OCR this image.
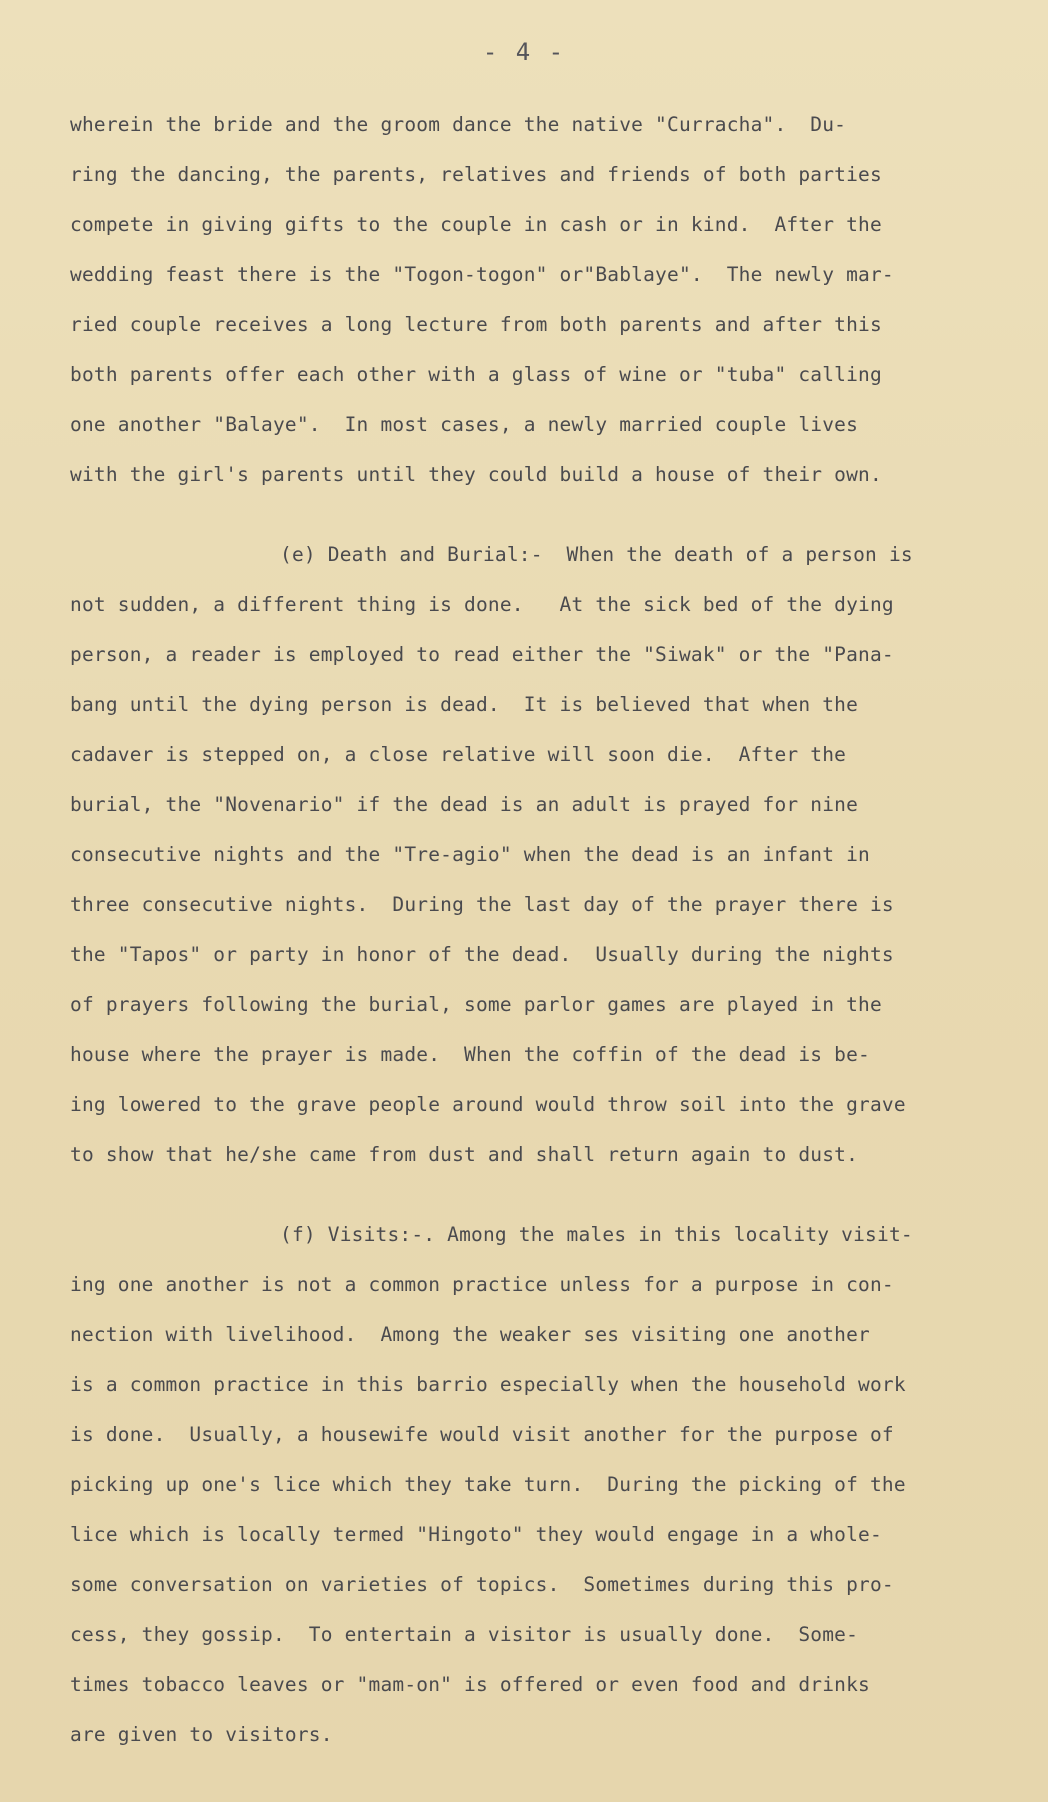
- 4 -
wherein the bride and the groom dance the native "Curracha".  Du-
ring the dancing, the parents, relatives and friends of both parties
compete in giving gifts to the couple in cash or in kind.  After the
wedding feast there is the "Togon-togon" or"Bablaye".  The newly mar-
ried couple receives a long lecture from both parents and after this
both parents offer each other with a glass of wine or "tuba" calling
one another "Balaye".  In most cases, a newly married couple lives
with the girl's parents until they could build a house of their own.
(e) Death and Burial:-  When the death of a person is
not sudden, a different thing is done.   At the sick bed of the dying
person, a reader is employed to read either the "Siwak" or the "Pana-
bang until the dying person is dead.  It is believed that when the
cadaver is stepped on, a close relative will soon die.  After the
burial, the "Novenario" if the dead is an adult is prayed for nine
consecutive nights and the "Tre-agio" when the dead is an infant in
three consecutive nights.  During the last day of the prayer there is
the "Tapos" or party in honor of the dead.  Usually during the nights
of prayers following the burial, some parlor games are played in the
house where the prayer is made.  When the coffin of the dead is be-
ing lowered to the grave people around would throw soil into the grave
to show that he/she came from dust and shall return again to dust.
(f) Visits:-. Among the males in this locality visit-
ing one another is not a common practice unless for a purpose in con-
nection with livelihood.  Among the weaker ses visiting one another
is a common practice in this barrio especially when the household work
is done.  Usually, a housewife would visit another for the purpose of
picking up one's lice which they take turn.  During the picking of the
lice which is locally termed "Hingoto" they would engage in a whole-
some conversation on varieties of topics.  Sometimes during this pro-
cess, they gossip.  To entertain a visitor is usually done.  Some-
times tobacco leaves or "mam-on" is offered or even food and drinks
are given to visitors.
